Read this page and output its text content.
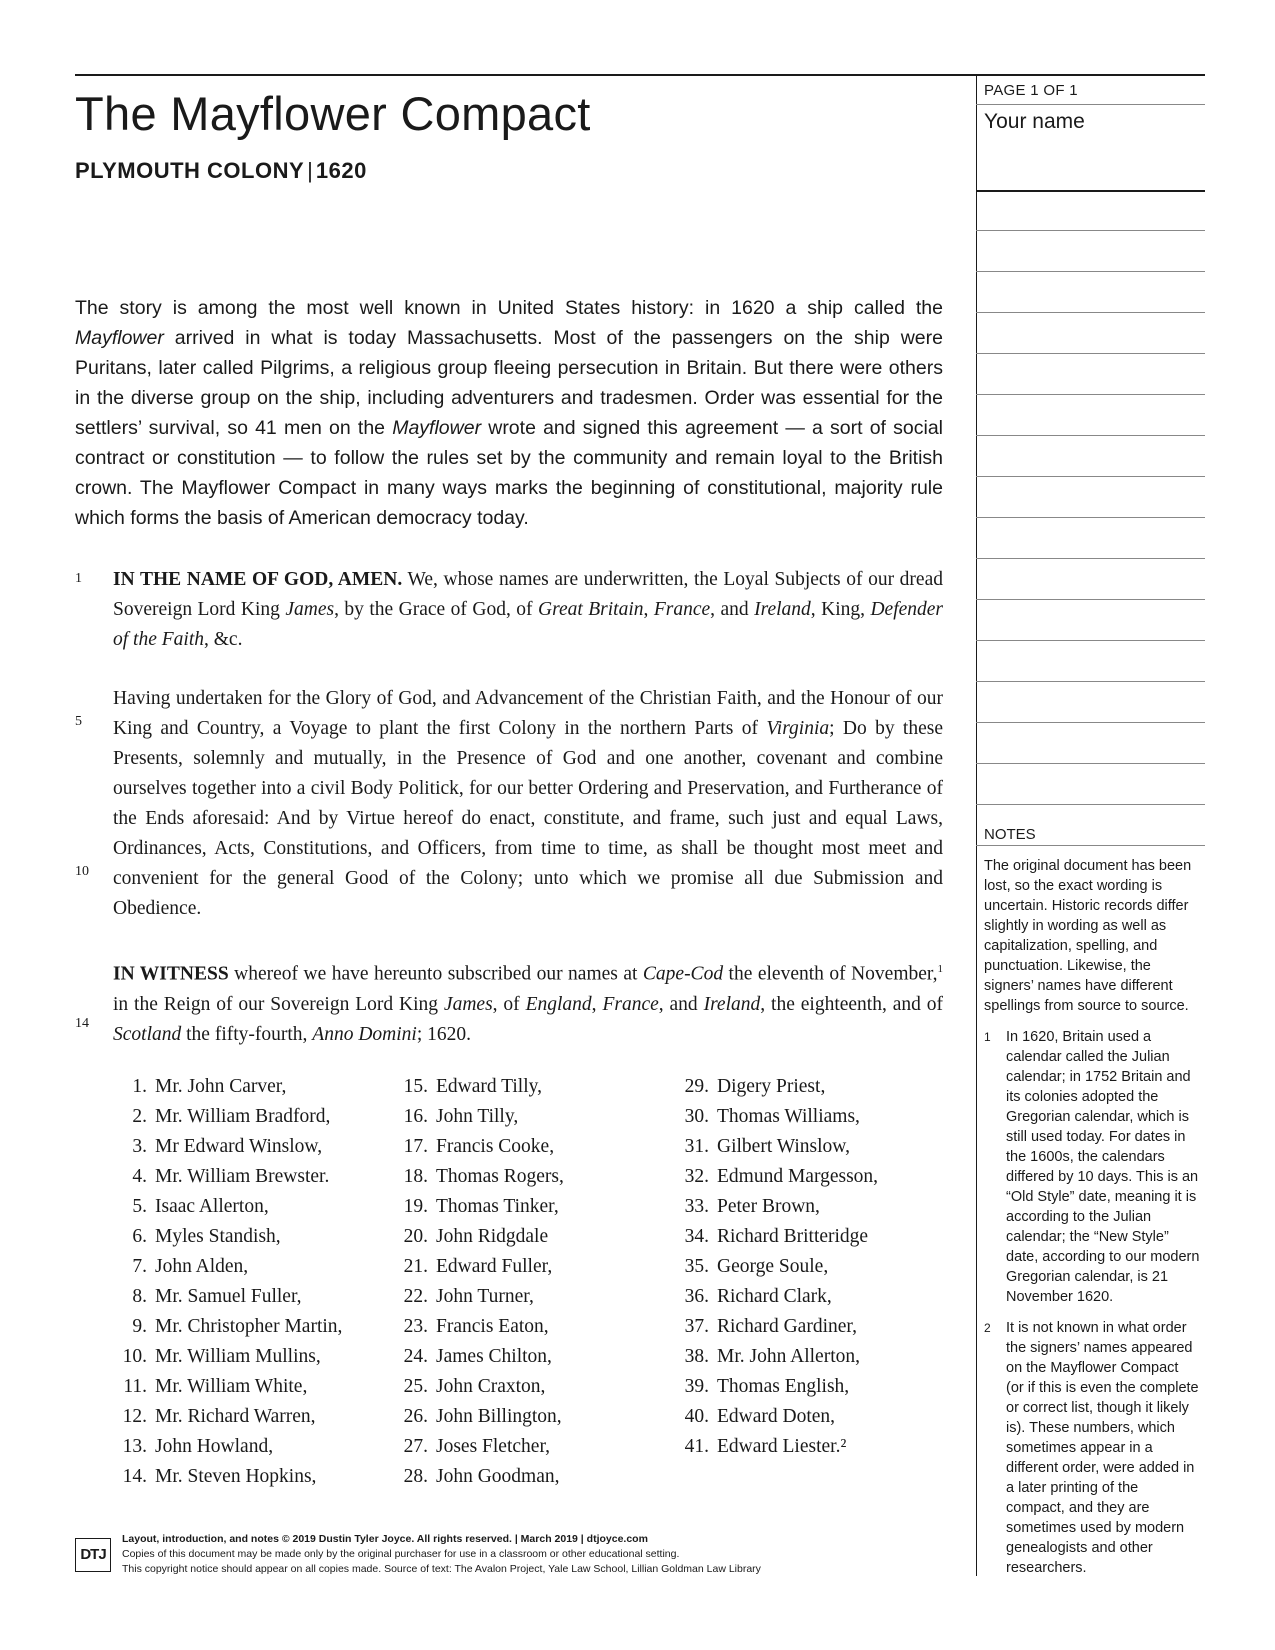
The Mayflower Compact

PLYMOUTH COLONY | 1620

The story is among the most well known in United States history: in 1620 a ship called the Mayflower arrived in what is today Massachusetts. Most of the passengers on the ship were Puritans, later called Pilgrims, a religious group fleeing persecution in Britain. But there were others in the diverse group on the ship, including adventurers and tradesmen. Order was essential for the settlers’ survival, so 41 men on the Mayflower wrote and signed this agreement — a sort of social contract or constitution — to follow the rules set by the community and remain loyal to the British crown. The Mayflower Compact in many ways marks the beginning of constitutional, majority rule which forms the basis of American democracy today.

1
5
10
14

IN THE NAME OF GOD, AMEN. We, whose names are underwritten, the Loyal Subjects of our dread Sovereign Lord King James, by the Grace of God, of Great Britain, France, and Ireland, King, Defender of the Faith, &c.

Having undertaken for the Glory of God, and Advancement of the Christian Faith, and the Honour of our King and Country, a Voyage to plant the first Colony in the northern Parts of Virginia; Do by these Presents, solemnly and mutually, in the Presence of God and one another, covenant and combine ourselves together into a civil Body Politick, for our better Ordering and Preservation, and Furtherance of the Ends aforesaid: And by Virtue hereof do enact, constitute, and frame, such just and equal Laws, Ordinances, Acts, Constitutions, and Officers, from time to time, as shall be thought most meet and convenient for the general Good of the Colony; unto which we promise all due Submission and Obedience.

IN WITNESS whereof we have hereunto subscribed our names at Cape-Cod the eleventh of November,$^1$ in the Reign of our Sovereign Lord King James, of England, France, and Ireland, the eighteenth, and of Scotland the fifty-fourth, Anno Domini; 1620.

1. Mr. John Carver,
2. Mr. William Bradford,
3. Mr Edward Winslow,
4. Mr. William Brewster.
5. Isaac Allerton,
6. Myles Standish,
7. John Alden,
8. Mr. Samuel Fuller,
9. Mr. Christopher Martin,
10. Mr. William Mullins,
11. Mr. William White,
12. Mr. Richard Warren,
13. John Howland,
14. Mr. Steven Hopkins,
15. Edward Tilly,
16. John Tilly,
17. Francis Cooke,
18. Thomas Rogers,
19. Thomas Tinker,
20. John Ridgdale
21. Edward Fuller,
22. John Turner,
23. Francis Eaton,
24. James Chilton,
25. John Craxton,
26. John Billington,
27. Joses Fletcher,
28. John Goodman,
29. Digery Priest,
30. Thomas Williams,
31. Gilbert Winslow,
32. Edmund Margesson,
33. Peter Brown,
34. Richard Britteridge
35. George Soule,
36. Richard Clark,
37. Richard Gardiner,
38. Mr. John Allerton,
39. Thomas English,
40. Edward Doten,
41. Edward Liester.²
PAGE 1 OF 1
Your name
NOTES

The original document has been lost, so the exact wording is uncertain. Historic records differ slightly in wording as well as capitalization, spelling, and punctuation. Likewise, the signers’ names have different spellings from source to source.

1 In 1620, Britain used a calendar called the Julian calendar; in 1752 Britain and its colonies adopted the Gregorian calendar, which is still used today. For dates in the 1600s, the calendars differed by 10 days. This is an “Old Style” date, meaning it is according to the Julian calendar; the “New Style” date, according to our modern Gregorian calendar, is 21 November 1620.
2 It is not known in what order the signers’ names appeared on the Mayflower Compact (or if this is even the complete or correct list, though it likely is). These numbers, which sometimes appear in a different order, were added in a later printing of the compact, and they are sometimes used by modern genealogists and other researchers.
DTJ
Layout, introduction, and notes © 2019 Dustin Tyler Joyce. All rights reserved. | March 2019 | dtjoyce.com
Copies of this document may be made only by the original purchaser for use in a classroom or other educational setting.
This copyright notice should appear on all copies made. Source of text: The Avalon Project, Yale Law School, Lillian Goldman Law Library
